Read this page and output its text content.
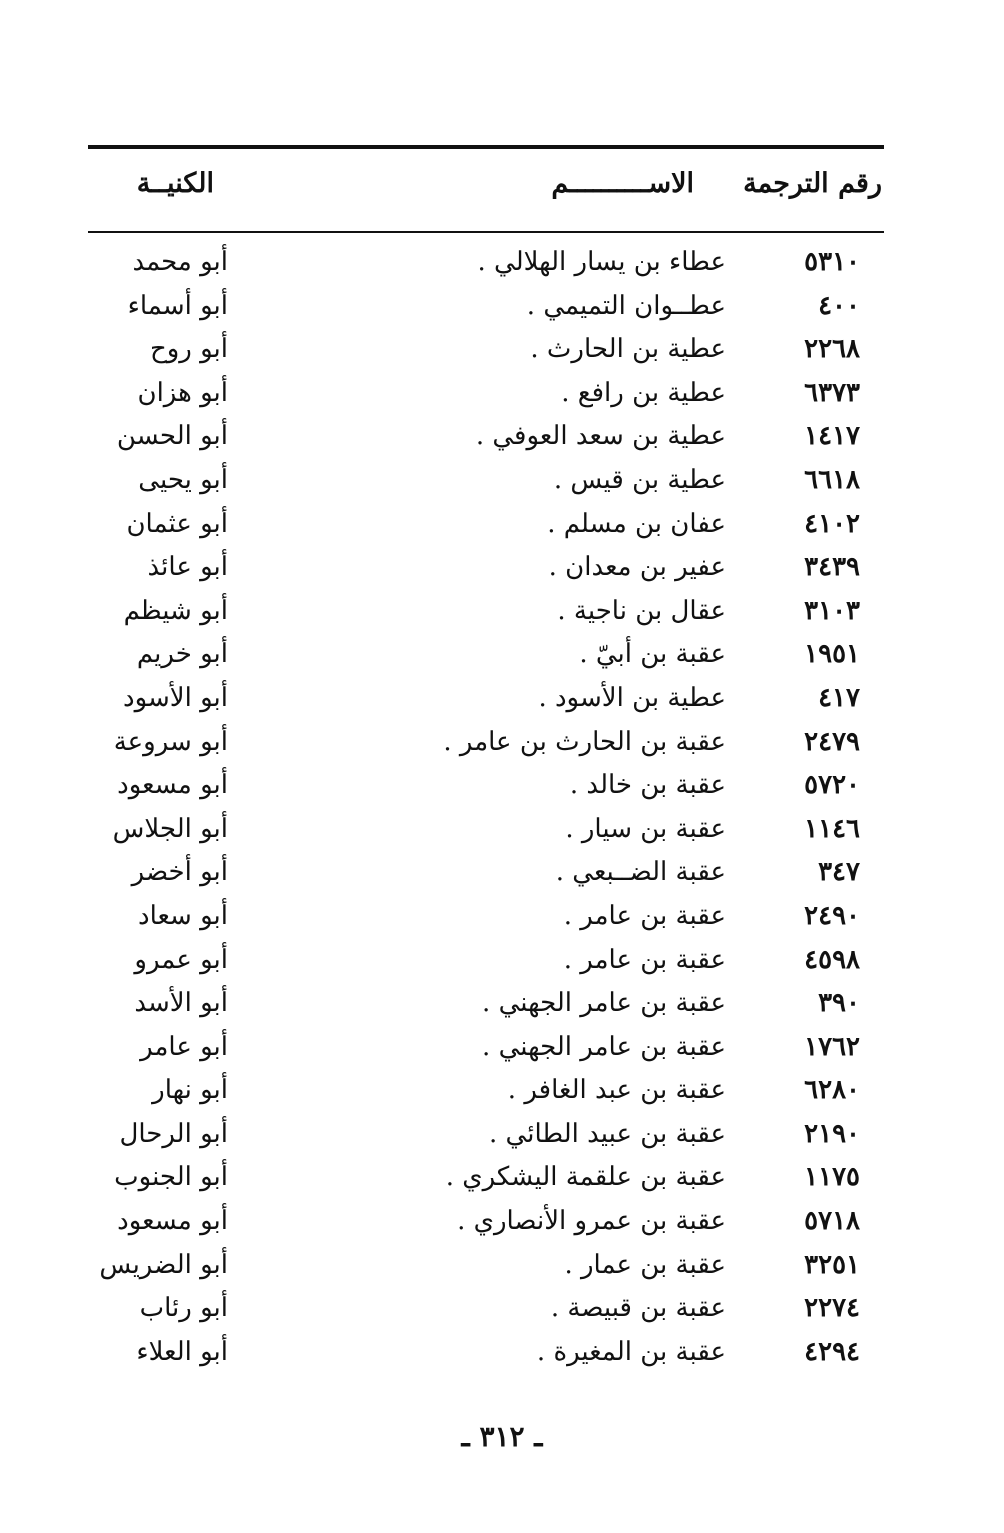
رقم الترجمة
الاســــــــــم
الكنيــة
٥٣١٠
عطاء بن يسار الهلالي .
أبو محمد
٤٠٠
عطــوان التميمي .
أبو أسماء
٢٢٦٨
عطية بن الحارث .
أبو روح
٦٣٧٣
عطية بن رافع .
أبو هزان
١٤١٧
عطية بن سعد العوفي .
أبو الحسن
٦٦١٨
عطية بن قيس .
أبو يحيى
٤١٠٢
عفان بن مسلم .
أبو عثمان
٣٤٣٩
عفير بن معدان .
أبو عائذ
٣١٠٣
عقال بن ناجية .
أبو شيظم
١٩٥١
عقبة بن أبيّ .
أبو خريم
٤١٧
عطية بن الأسود .
أبو الأسود
٢٤٧٩
عقبة بن الحارث بن عامر .
أبو سروعة
٥٧٢٠
عقبة بن خالد .
أبو مسعود
١١٤٦
عقبة بن سيار .
أبو الجلاس
٣٤٧
عقبة الضــبعي .
أبو أخضر
٢٤٩٠
عقبة بن عامر .
أبو سعاد
٤٥٩٨
عقبة بن عامر .
أبو عمرو
٣٩٠
عقبة بن عامر الجهني .
أبو الأسد
١٧٦٢
عقبة بن عامر الجهني .
أبو عامر
٦٢٨٠
عقبة بن عبد الغافر .
أبو نهار
٢١٩٠
عقبة بن عبيد الطائي .
أبو الرحال
١١٧٥
عقبة بن علقمة اليشكري .
أبو الجنوب
٥٧١٨
عقبة بن عمرو الأنصاري .
أبو مسعود
٣٢٥١
عقبة بن عمار .
أبو الضريس
٢٢٧٤
عقبة بن قبيصة .
أبو رئاب
٤٢٩٤
عقبة بن المغيرة .
أبو العلاء
ـ ٣١٢ ـ
